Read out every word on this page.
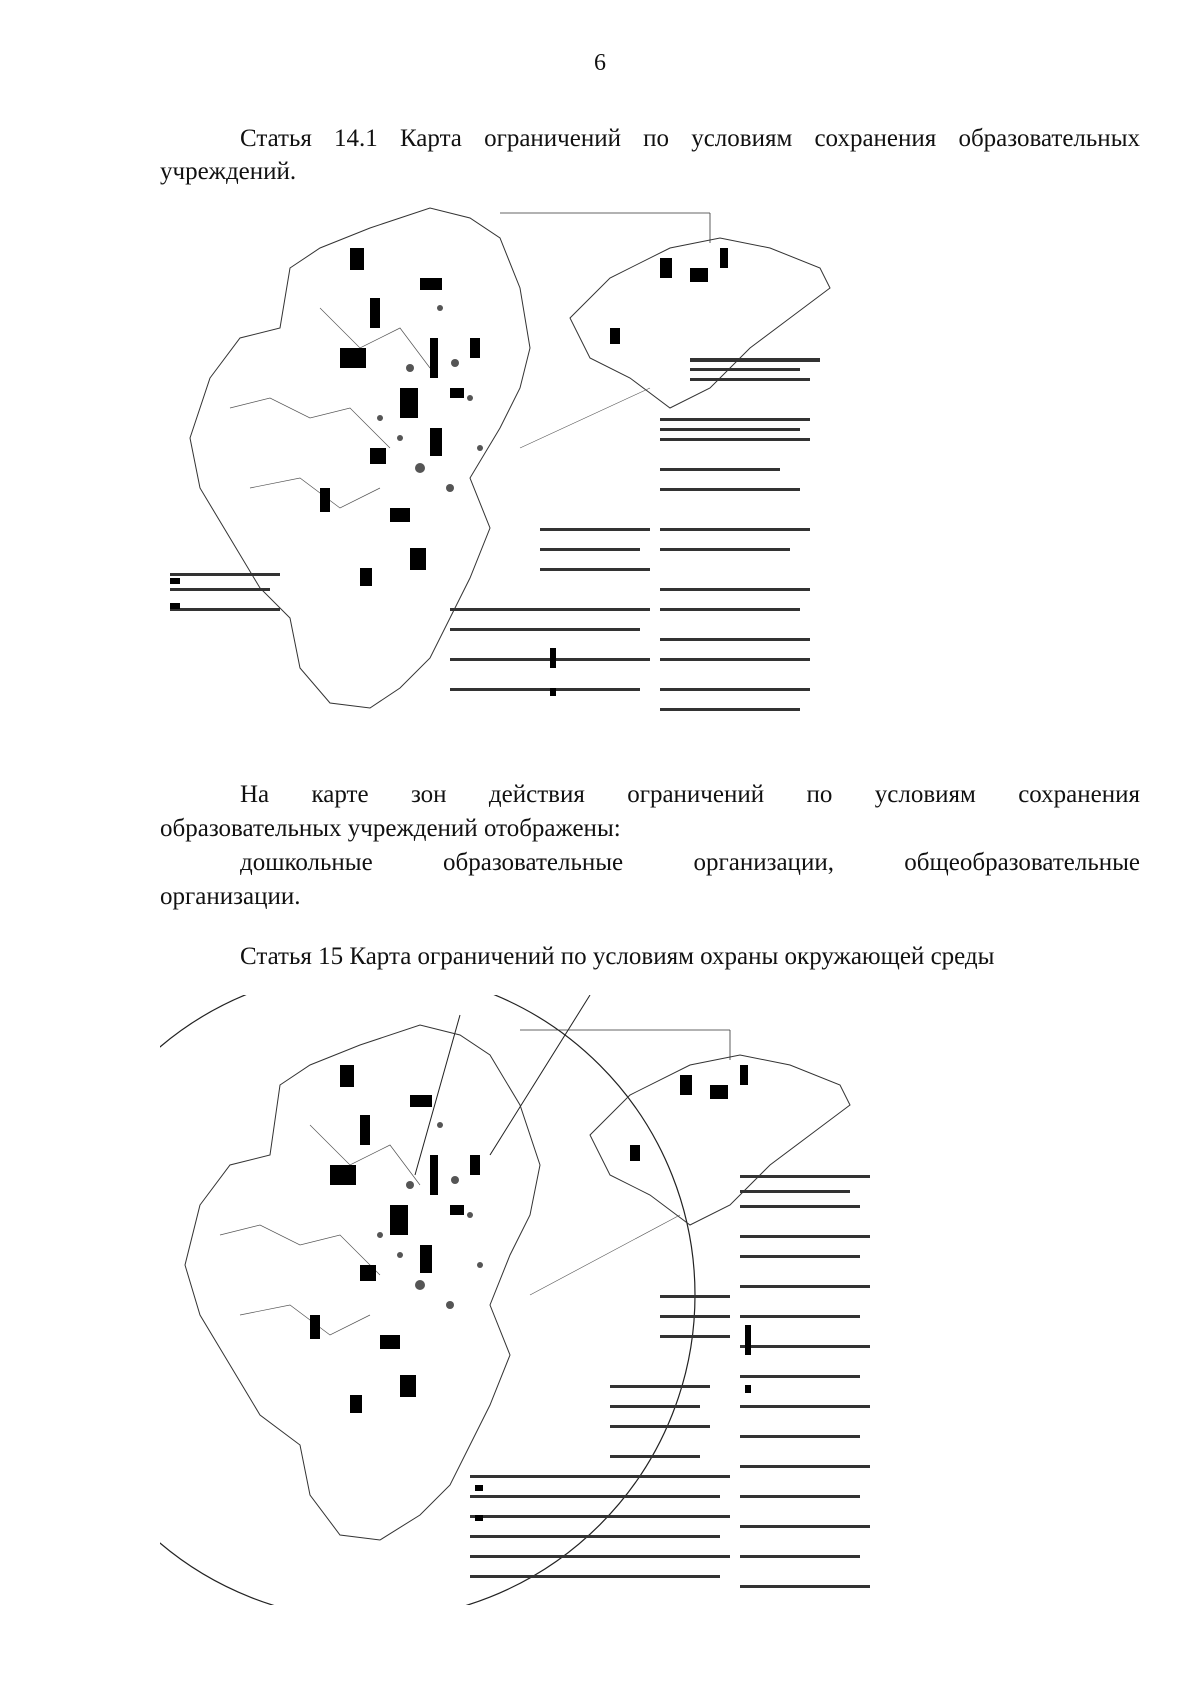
6
Статья 14.1 Карта ограничений по условиям сохранения образовательных учреждений.
На карте зон действия ограничений по условиям сохранения
образовательных учреждений отображены:
дошкольные образовательные организации, общеобразовательные
организации.
Статья 15 Карта ограничений по условиям охраны окружающей среды
